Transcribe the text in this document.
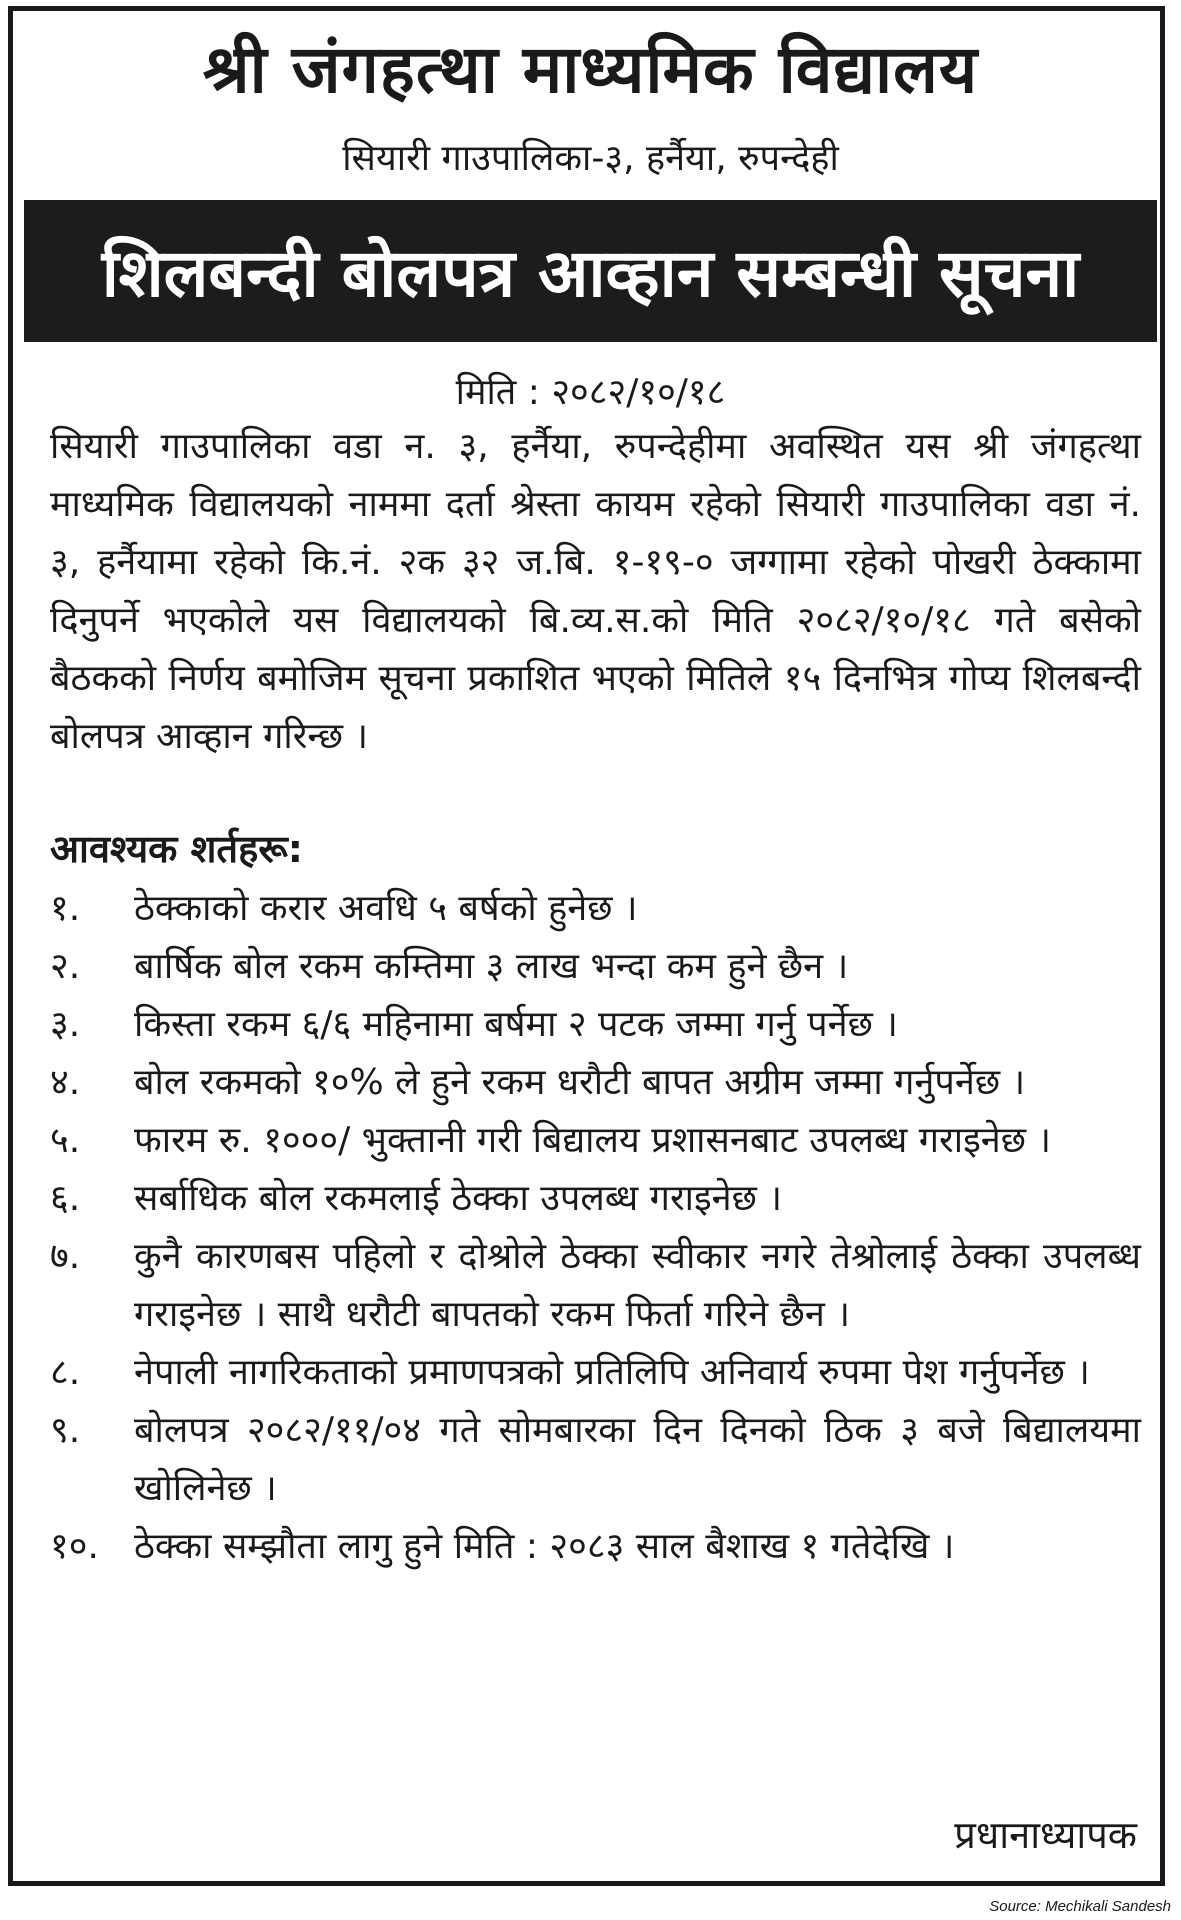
श्री जंगहत्था माध्यमिक विद्यालय
सियारी गाउपालिका-३, हर्नैया, रुपन्देही
शिलबन्दी बोलपत्र आव्हान सम्बन्धी सूचना
मिति : २०८२/१०/१८
सियारी गाउपालिका वडा न. ३, हर्नैया, रुपन्देहीमा अवस्थित यस श्री जंगहत्था माध्यमिक विद्यालयको नाममा दर्ता श्रेस्ता कायम रहेको सियारी गाउपालिका वडा नं. ३, हर्नैयामा रहेको कि.नं. २क ३२ ज.बि. १-१९-० जग्गामा रहेको पोखरी ठेक्कामा दिनुपर्ने भएकोले यस विद्यालयको बि.व्य.स.को मिति २०८२/१०/१८ गते बसेको बैठकको निर्णय बमोजिम सूचना प्रकाशित भएको मितिले १५ दिनभित्र गोप्य शिलबन्दी बोलपत्र आव्हान गरिन्छ ।
आवश्यक शर्तहरू:
१.	ठेक्काको करार अवधि ५ बर्षको हुनेछ ।
२.	बार्षिक बोल रकम कम्तिमा ३ लाख भन्दा कम हुने छैन ।
३.	किस्ता रकम ६/६ महिनामा बर्षमा २ पटक जम्मा गर्नु पर्नेछ ।
४.	बोल रकमको १०% ले हुने रकम धरौटी बापत अग्रीम जम्मा गर्नुपर्नेछ ।
५.	फारम रु. १०००/ भुक्तानी गरी बिद्यालय प्रशासनबाट उपलब्ध गराइनेछ ।
६.	सर्बाधिक बोल रकमलाई ठेक्का उपलब्ध गराइनेछ ।
७.	कुनै कारणबस पहिलो र दोश्रोले ठेक्का स्वीकार नगरे तेश्रोलाई ठेक्का उपलब्ध गराइनेछ । साथै धरौटी बापतको रकम फिर्ता गरिने छैन ।
८.	नेपाली नागरिकताको प्रमाणपत्रको प्रतिलिपि अनिवार्य रुपमा पेश गर्नुपर्नेछ ।
९.	बोलपत्र २०८२/११/०४ गते सोमबारका दिन दिनको ठिक ३ बजे बिद्यालयमा खोलिनेछ ।
१०. ठेक्का सम्झौता लागु हुने मिति : २०८३ साल बैशाख १ गतेदेखि ।
प्रधानाध्यापक
Source: Mechikali Sandesh
